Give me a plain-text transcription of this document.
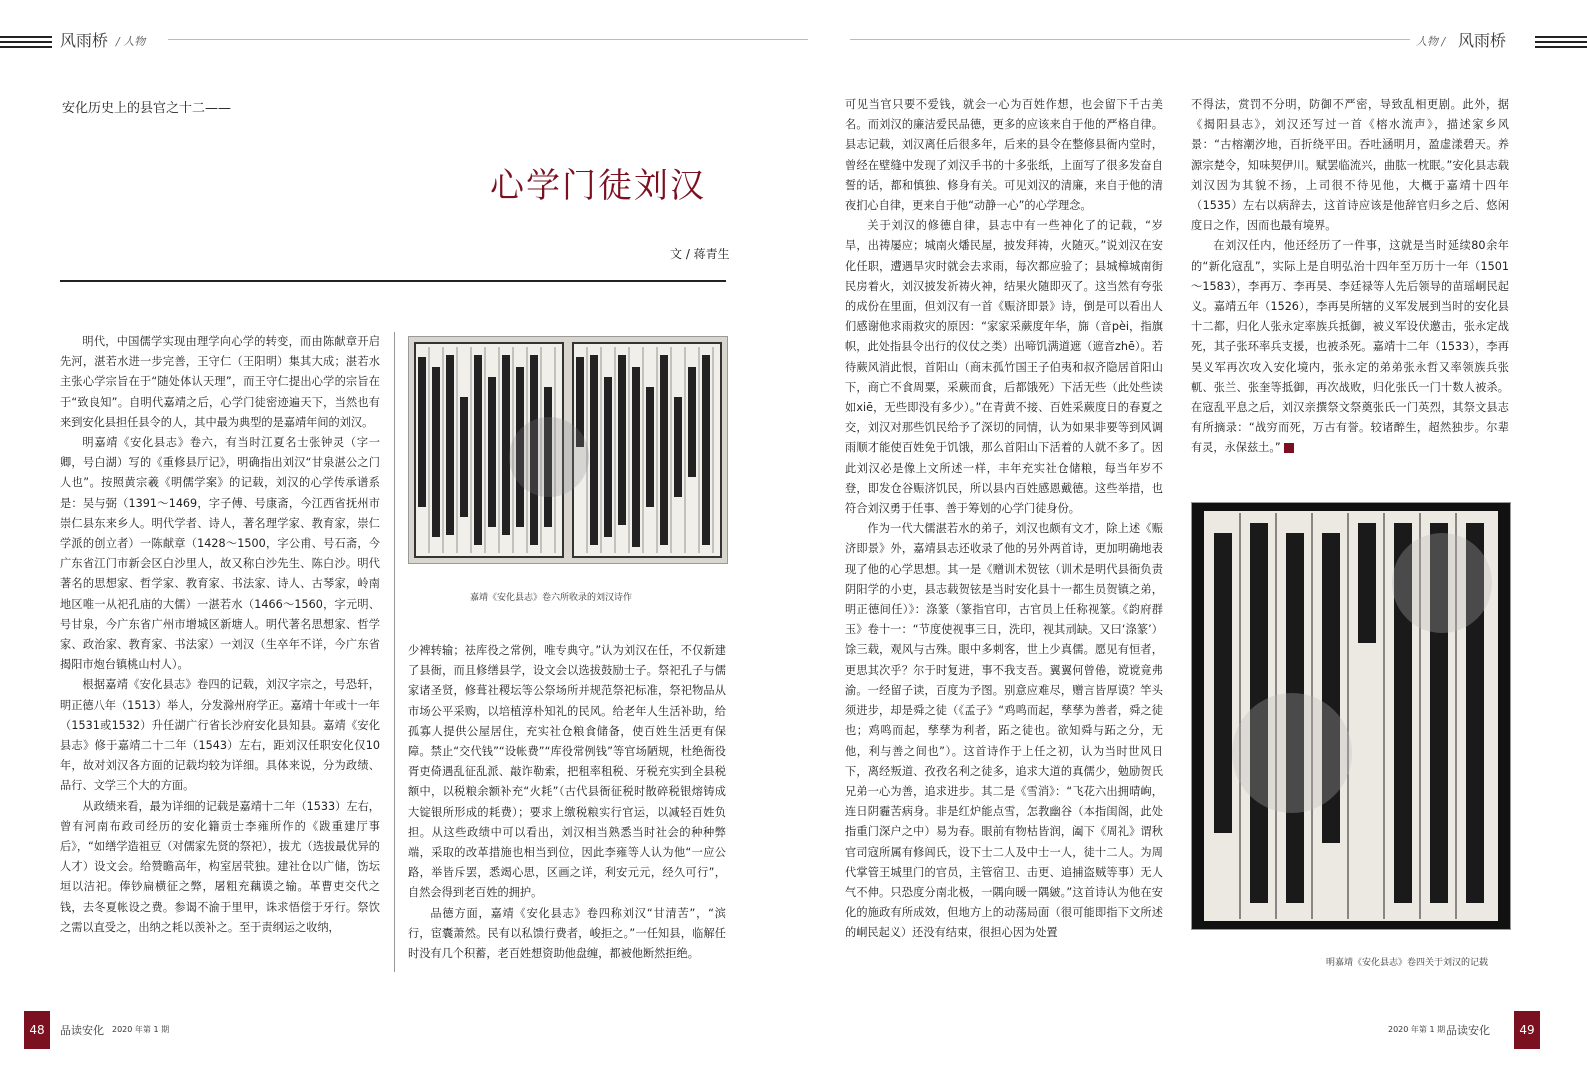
风雨桥 / 人物	人物 / 风雨桥
安化历史上的县官之十二——
心学门徒刘汉
文 / 蒋青生

明代，中国儒学实现由理学向心学的转变，而由陈献章开启先河，湛若水进一步完善，王守仁（王阳明）集其大成；湛若水主张心学宗旨在于“随处体认天理”，而王守仁提出心学的宗旨在于“致良知”。自明代嘉靖之后，心学门徒密迹遍天下，当然也有来到安化县担任县令的人，其中最为典型的是嘉靖年间的刘汉。

明嘉靖《安化县志》卷六，有当时江夏名士张钟灵（字一卿，号白湖）写的《重修县厅记》，明确指出刘汉“甘泉湛公之门人也”。按照黄宗羲《明儒学案》的记载，刘汉的心学传承谱系是：吴与弼（1391～1469，字子傅、号康斋，今江西省抚州市崇仁县东来乡人。明代学者、诗人，著名理学家、教育家，崇仁学派的创立者）一陈献章（1428～1500，字公甫、号石斋，今广东省江门市新会区白沙里人，故又称白沙先生、陈白沙。明代著名的思想家、哲学家、教育家、书法家、诗人、古琴家，岭南地区唯一从祀孔庙的大儒）一湛若水（1466～1560，字元明、号甘泉，今广东省广州市增城区新塘人。明代著名思想家、哲学家、政治家、教育家、书法家）一刘汉（生卒年不详，今广东省揭阳市炮台镇桃山村人）。

根据嘉靖《安化县志》卷四的记载，刘汉字宗之，号恐轩，明正德八年（1513）举人，分发滁州府学正。嘉靖十年或十一年（1531或1532）升任湖广行省长沙府安化县知县。嘉靖《安化县志》修于嘉靖二十二年（1543）左右，距刘汉任职安化仅10年，故对刘汉各方面的记载均较为详细。具体来说，分为政绩、品行、文学三个大的方面。

从政绩来看，最为详细的记载是嘉靖十二年（1533）左右，曾有河南布政司经历的安化籍贡士李雍所作的《跋重建厅事后》，“如缮学造祖豆（对儒家先贤的祭祀），拔尤（选拔最优异的人才）设文会。给赞瞻高年，构室居茕独。建社仓以广储，饬坛垣以洁祀。俸钞扁横征之弊，屠粗充藕谟之输。革曹吏交代之钱，去冬夏帐设之费。参谒不渝于里甲，诛求悟偿于牙行。祭饮之需以直受之，出纳之耗以羡补之。至于责纲运之收纳，

嘉靖《安化县志》卷六所收录的刘汉诗作

少裨转输；祛库役之常例，唯专典守。”认为刘汉在任，不仅新建了县衙，而且修缮县学，设文会以选拔鼓励士子。祭祀孔子与儒家诸圣贤，修葺社稷坛等公祭场所并规范祭祀标准，祭祀物品从市场公平采购，以培植淳朴知礼的民风。给老年人生活补助，给孤寡人提供公屋居住，充实社仓粮食储备，使百姓生活更有保障。禁止“交代钱”“设帐费”“库役常例钱”等官场陋规，杜绝衙役胥吏倚遇乱征乱派、敲诈勒索，把租率租税、牙税充实到全县税额中，以税粮余额补充“火耗”（古代县衙征税时散碎税银熔铸成大锭银所形成的耗费）；要求上缴税粮实行官运，以减轻百姓负担。从这些政绩中可以看出，刘汉相当熟悉当时社会的种种弊端，采取的改革措施也相当到位，因此李雍等人认为他“一应公路，举皆斥罢，悉竭心思，区画之详，利安元元，经久可行”，自然会得到老百姓的拥护。

品德方面，嘉靖《安化县志》卷四称刘汉“甘清苦”，“滨行，宦囊萧然。民有以私馈行费者，峻拒之。”一任知县，临解任时没有几个积蓄，老百姓想资助他盘缠，都被他断然拒绝。

可见当官只要不爱钱，就会一心为百姓作想，也会留下千古美名。而刘汉的廉洁爱民品德，更多的应该来自于他的严格自律。县志记载，刘汉离任后很多年，后来的县令在整修县衙内堂时，曾经在壁缝中发现了刘汉手书的十多张纸，上面写了很多发奋自誓的话，都和慎独、修身有关。可见刘汉的清廉，来自于他的清夜扪心自律，更来自于他“动静一心”的心学理念。

关于刘汉的修德自律，县志中有一些神化了的记载，“岁旱，出祷屡应；城南火燔民屋，披发拜祷，火随灭。”说刘汉在安化任职，遭遇旱灾时就会去求雨，每次都应验了；县城樟城南街民房着火，刘汉披发祈祷火神，结果火随即灭了。这当然有夸张的成份在里面，但刘汉有一首《赈济即景》诗，倒是可以看出人们感谢他求雨救灾的原因：“家家采蕨度年华，旆（音pèi，指旗帜，此处指县令出行的仪仗之类）出啼饥满道遮（遮音zhē）。若待蕨风消此恨，首阳山（商末孤竹国王子伯夷和叔齐隐居首阳山下，商亡不食周粟，采蕨而食，后都饿死）下活无些（此处些读如xiē，无些即没有多少）。”在青黄不接、百姓采蕨度日的春夏之交，刘汉对那些饥民给予了深切的同情，认为如果非要等到风调雨顺才能使百姓免于饥饿，那么首阳山下活着的人就不多了。因此刘汉必是像上文所述一样，丰年充实社仓储粮，每当年岁不登，即发仓谷赈济饥民，所以县内百姓感恩戴德。这些举措，也符合刘汉勇于任事、善于筹划的心学门徒身份。

作为一代大儒湛若水的弟子，刘汉也颇有文才，除上述《赈济即景》外，嘉靖县志还收录了他的另外两首诗，更加明确地表现了他的心学思想。其一是《赠训术贺铉（训术是明代县衙负责阴阳学的小吏，县志载贺铉是当时安化县十一都生员贺镇之弟，明正德间任）》：涤篆（篆指官印，古官员上任称视篆。《韵府群玉》卷十一：“节度使视事三日，洗印，视其刓缺。又曰‘涤篆’）馀三载，观风与古殊。眼中多刺客，世上少真儒。愿见有恒者，更思其次乎？尔于时复进，事不我支吾。翼翼何曾倦，谠谠竟弗渝。一经留子读，百度为予图。别意应难尽，赠言皆厚谟？竿头须进步，却是舜之徒（《孟子》“鸡鸣而起，孳孳为善者，舜之徒也；鸡鸣而起，孳孳为利者，跖之徒也。欲知舜与跖之分，无他，利与善之间也”）。这首诗作于上任之初，认为当时世风日下，离经叛道、孜孜名利之徒多，追求大道的真儒少，勉励贺氏兄弟一心为善，追求进步。其二是《雪消》：“飞花六出拥晴峋，连日阴霾苦病身。非是红炉能点雪，怎教幽谷（本指闺阁，此处指重门深户之中）易为春。眼前有物枯皆润，阖下《周礼》谓秋官司寇所属有修闾氏，设下士二人及中士一人，徒十二人。为周代掌管王城里门的官员，主管宿卫、击更、追捕盗贼等事）无人气不伸。只恐度分南北极，一隅向暖一隅皴。”这首诗认为他在安化的施政有所成效，但地方上的动荡局面（很可能即指下文所述的峒民起义）还没有结束，很担心因为处置

不得法，赏罚不分明，防御不严密，导致乱相更剧。此外，据《揭阳县志》，刘汉还写过一首《榕水流声》，描述家乡风景：“古榕潮汐地，百折绕平田。吞吐涵明月，盈虚漾碧天。养源宗楚令，知味契伊川。赋罢临流兴，曲肱一枕眠。”安化县志载刘汉因为其貌不扬，上司很不待见他，大概于嘉靖十四年（1535）左右以病辞去，这首诗应该是他辞官归乡之后、悠闲度日之作，因而也最有境界。

在刘汉任内，他还经历了一件事，这就是当时延续80余年的“新化寇乱”，实际上是自明弘治十四年至万历十一年（1501～1583），李再万、李再昊、李廷禄等人先后领导的苗瑶峒民起义。嘉靖五年（1526），李再昊所辖的义军发展到当时的安化县十二都，归化人张永定率族兵抵御，被义军设伏邀击，张永定战死，其子张环率兵支援，也被杀死。嘉靖十二年（1533），李再昊义军再次攻入安化境内，张永定的弟弟张永哲又率领族兵张軏、张兰、张奎等抵御，再次战败，归化张氏一门十数人被杀。在寇乱平息之后，刘汉亲撰祭文祭奠张氏一门英烈，其祭文县志有所摘录：“战穷而死，万古有誉。较诸醉生，超然独步。尔辈有灵，永保兹土。”	A

明嘉靖《安化县志》卷四关于刘汉的记载
48	品读安化 2020 年第 1 期	2020 年第 1 期 品读安化	49
